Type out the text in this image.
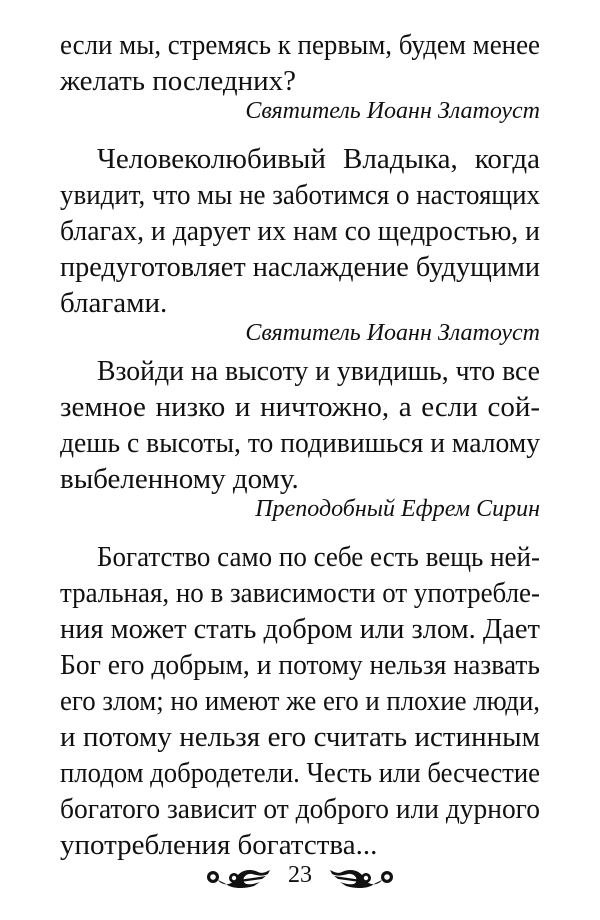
если мы, стремясь к первым, будем менее
желать последних?
Святитель Иоанн Златоуст
Человеколюбивый Владыка, когда
увидит, что мы не заботимся о настоящих
благах, и дарует их нам со щедростью, и
предуготовляет наслаждение будущими
благами.
Святитель Иоанн Златоуст
Взойди на высоту и увидишь, что все
земное низко и ничтожно, а если сой-
дешь с высоты, то подивишься и малому
выбеленному дому.
Преподобный Ефрем Сирин
Богатство само по себе есть вещь ней-
тральная, но в зависимости от употребле-
ния может стать добром или злом. Дает
Бог его добрым, и потому нельзя назвать
его злом; но имеют же его и плохие люди,
и потому нельзя его считать истинным
плодом добродетели. Честь или бесчестие
богатого зависит от доброго или дурного
употребления богатства...
23
